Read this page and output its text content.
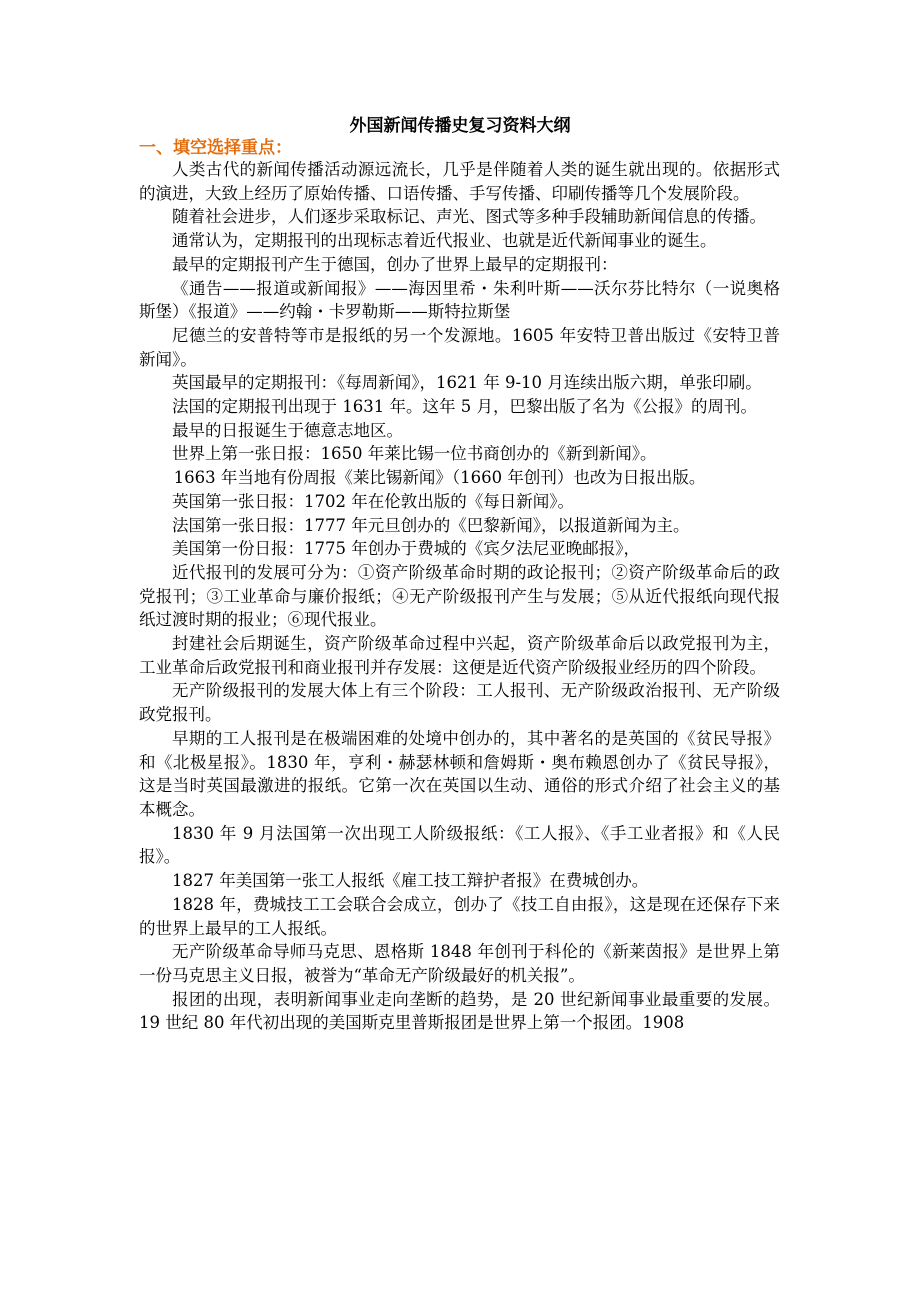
外国新闻传播史复习资料大纲
一、填空选择重点：

人类古代的新闻传播活动源远流长，几乎是伴随着人类的诞生就出现的。依据形式的演进，大致上经历了原始传播、口语传播、手写传播、印刷传播等几个发展阶段。

随着社会进步，人们逐步采取标记、声光、图式等多种手段辅助新闻信息的传播。

通常认为，定期报刊的出现标志着近代报业、也就是近代新闻事业的诞生。

最早的定期报刊产生于德国，创办了世界上最早的定期报刊：

《通告——报道或新闻报》——海因里希・朱利叶斯——沃尔芬比特尔（一说奥格斯堡）《报道》——约翰・卡罗勒斯——斯特拉斯堡

尼德兰的安普特等市是报纸的另一个发源地。1605 年安特卫普出版过《安特卫普新闻》。

英国最早的定期报刊：《每周新闻》，1621 年 9-10 月连续出版六期，单张印刷。

法国的定期报刊出现于 1631 年。这年 5 月，巴黎出版了名为《公报》的周刊。

最早的日报诞生于德意志地区。

世界上第一张日报：1650 年莱比锡一位书商创办的《新到新闻》。

1663 年当地有份周报《莱比锡新闻》（1660 年创刊）也改为日报出版。

英国第一张日报：1702 年在伦敦出版的《每日新闻》。

法国第一张日报：1777 年元旦创办的《巴黎新闻》，以报道新闻为主。

美国第一份日报：1775 年创办于费城的《宾夕法尼亚晚邮报》，

近代报刊的发展可分为：①资产阶级革命时期的政论报刊；②资产阶级革命后的政党报刊；③工业革命与廉价报纸；④无产阶级报刊产生与发展；⑤从近代报纸向现代报纸过渡时期的报业；⑥现代报业。

封建社会后期诞生，资产阶级革命过程中兴起，资产阶级革命后以政党报刊为主，工业革命后政党报刊和商业报刊并存发展：这便是近代资产阶级报业经历的四个阶段。

无产阶级报刊的发展大体上有三个阶段：工人报刊、无产阶级政治报刊、无产阶级政党报刊。

早期的工人报刊是在极端困难的处境中创办的，其中著名的是英国的《贫民导报》和《北极星报》。1830 年，亨利・赫瑟林顿和詹姆斯・奥布赖恩创办了《贫民导报》，这是当时英国最激进的报纸。它第一次在英国以生动、通俗的形式介绍了社会主义的基本概念。

1830 年 9 月法国第一次出现工人阶级报纸：《工人报》、《手工业者报》和《人民报》。

1827 年美国第一张工人报纸《雇工技工辩护者报》在费城创办。

1828 年，费城技工工会联合会成立，创办了《技工自由报》，这是现在还保存下来的世界上最早的工人报纸。

无产阶级革命导师马克思、恩格斯 1848 年创刊于科伦的《新莱茵报》是世界上第一份马克思主义日报，被誉为“革命无产阶级最好的机关报”。

报团的出现，表明新闻事业走向垄断的趋势，是 20 世纪新闻事业最重要的发展。19 世纪 80 年代初出现的美国斯克里普斯报团是世界上第一个报团。1908
